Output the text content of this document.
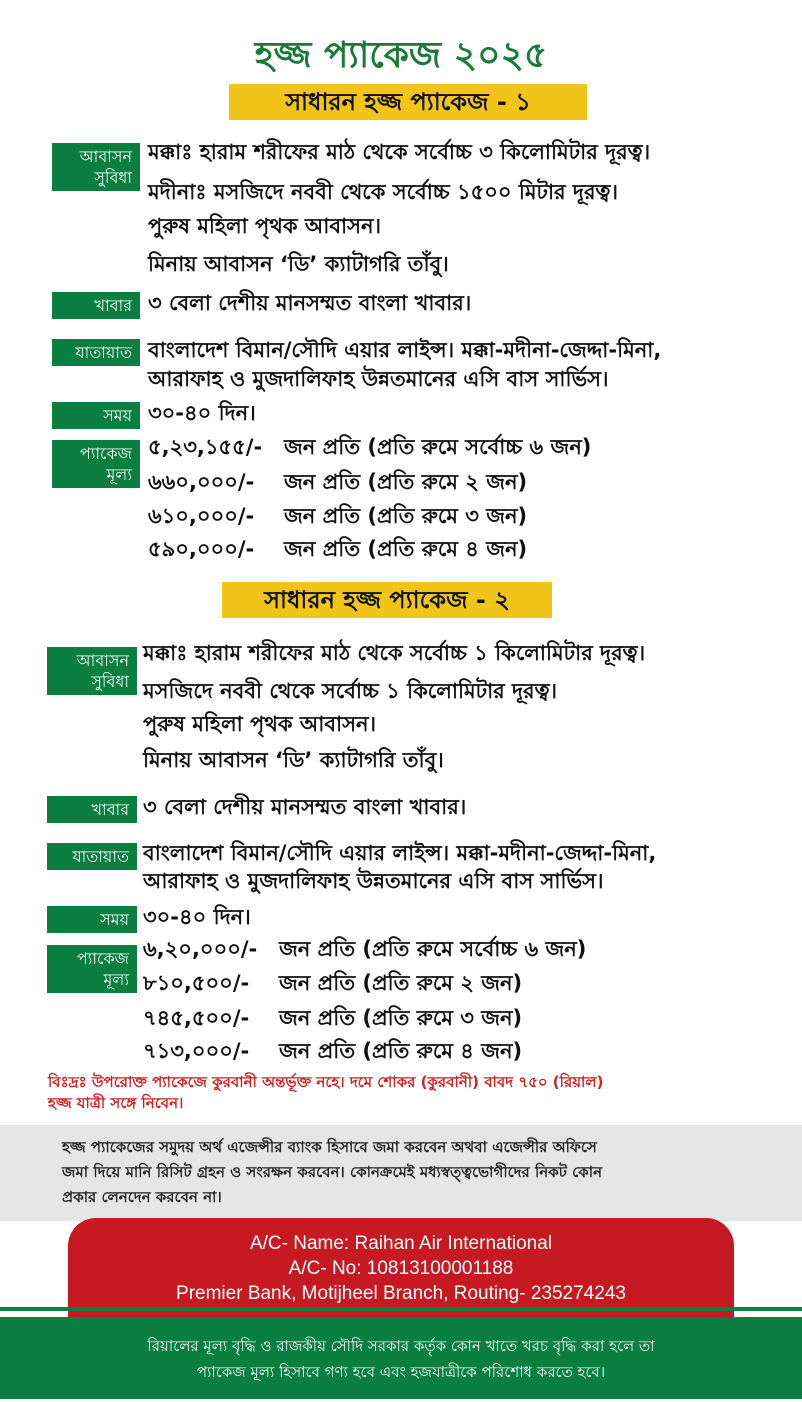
হজ্জ প্যাকেজ ২০২৫
সাধারন হজ্জ প্যাকেজ - ১
আবাসন
সুবিধা
মক্কাঃ হারাম শরীফের মাঠ থেকে সর্বোচ্চ ৩ কিলোমিটার দূরত্ব।
মদীনাঃ মসজিদে নববী থেকে সর্বোচ্চ ১৫০০ মিটার দূরত্ব।
পুরুষ মহিলা পৃথক আবাসন।
মিনায় আবাসন ‘ডি’ ক্যাটাগরি তাঁবু।
খাবার ৩ বেলা দেশীয় মানসম্মত বাংলা খাবার।
যাতায়াত বাংলাদেশ বিমান/সৌদি এয়ার লাইন্স। মক্কা-মদীনা-জেদ্দা-মিনা,
আরাফাহ ও মুজদালিফাহ উন্নতমানের এসি বাস সার্ভিস।
সময় ৩০-৪০ দিন।
প্যাকেজ
মূল্য
৫,২৩,১৫৫/- জন প্রতি (প্রতি রুমে সর্বোচ্চ ৬ জন)
৬৬০,০০০/- জন প্রতি (প্রতি রুমে ২ জন)
৬১০,০০০/- জন প্রতি (প্রতি রুমে ৩ জন)
৫৯০,০০০/- জন প্রতি (প্রতি রুমে ৪ জন)
সাধারন হজ্জ প্যাকেজ - ২
আবাসন
সুবিধা
মক্কাঃ হারাম শরীফের মাঠ থেকে সর্বোচ্চ ১ কিলোমিটার দূরত্ব।
মসজিদে নববী থেকে সর্বোচ্চ ১ কিলোমিটার দূরত্ব।
পুরুষ মহিলা পৃথক আবাসন।
মিনায় আবাসন ‘ডি’ ক্যাটাগরি তাঁবু।
খাবার ৩ বেলা দেশীয় মানসম্মত বাংলা খাবার।
যাতায়াত বাংলাদেশ বিমান/সৌদি এয়ার লাইন্স। মক্কা-মদীনা-জেদ্দা-মিনা,
আরাফাহ ও মুজদালিফাহ উন্নতমানের এসি বাস সার্ভিস।
সময় ৩০-৪০ দিন।
প্যাকেজ
মূল্য
৬,২০,০০০/- জন প্রতি (প্রতি রুমে সর্বোচ্চ ৬ জন)
৮১০,৫০০/- জন প্রতি (প্রতি রুমে ২ জন)
৭৪৫,৫০০/- জন প্রতি (প্রতি রুমে ৩ জন)
৭১৩,০০০/- জন প্রতি (প্রতি রুমে ৪ জন)
বিঃদ্রঃ উপরোক্ত প্যাকেজে কুরবানী অন্তর্ভূক্ত নহে। দমে শোকর (কুরবানী) বাবদ ৭৫০ (রিয়াল)
হজ্জ যাত্রী সঙ্গে নিবেন।
হজ্জ প্যাকেজের সমুদয় অর্থ এজেন্সীর ব্যাংক হিসাবে জমা করবেন অথবা এজেন্সীর অফিসে
জমা দিয়ে মানি রিসিট গ্রহন ও সংরক্ষন করবেন। কোনক্রমেই মধ্যস্বত্ত্বভোগীদের নিকট কোন
প্রকার লেনদেন করবেন না।
A/C- Name: Raihan Air International
A/C- No: 10813100001188
Premier Bank, Motijheel Branch, Routing- 235274243
রিয়ালের মূল্য বৃদ্ধি ও রাজকীয় সৌদি সরকার কর্তৃক কোন খাতে খরচ বৃদ্ধি করা হলে তা
প্যাকেজ মূল্য হিসাবে গণ্য হবে এবং হজযাত্রীকে পরিশোধ করতে হবে।
